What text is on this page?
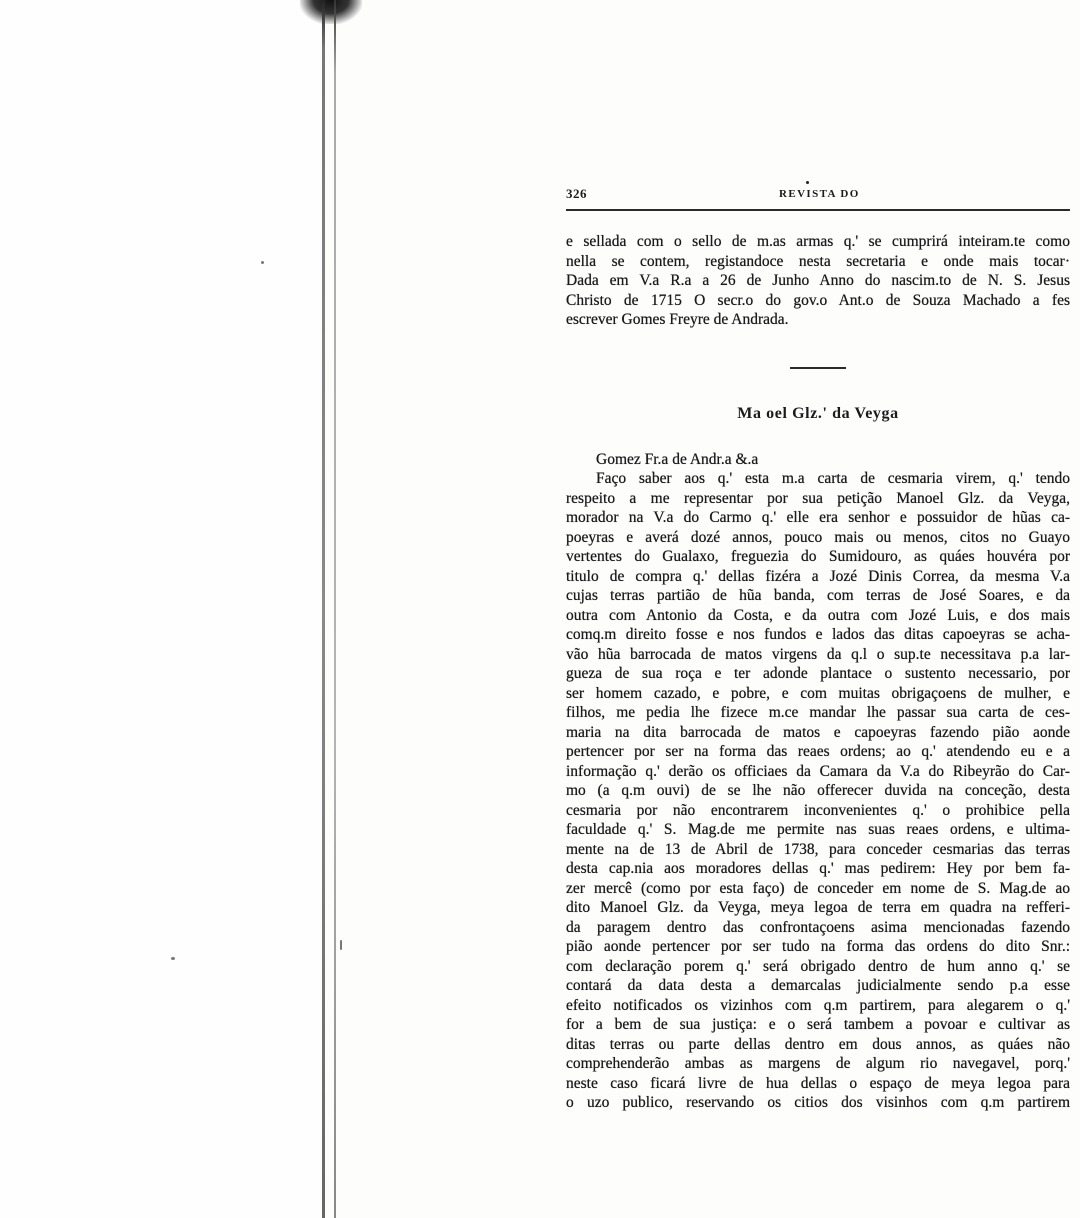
326	REVISTA DO
e sellada com o sello de m.as armas q.' se cumprirá inteiram.te como
nella se contem, registandoce nesta secretaria e onde mais tocar·
Dada em V.a R.a a 26 de Junho Anno do nascim.to de N. S. Jesus
Christo de 1715 O secr.o do gov.o Ant.o de Souza Machado a fes
escrever Gomes Freyre de Andrada.
Ma oel Glz.' da Veyga
Gomez Fr.a de Andr.a &.a
Faço saber aos q.' esta m.a carta de cesmaria virem, q.' tendo
respeito a me representar por sua petição Manoel Glz. da Veyga,
morador na V.a do Carmo q.' elle era senhor e possuidor de hũas ca-
poeyras e averá dozé annos, pouco mais ou menos, citos no Guayo
vertentes do Gualaxo, freguezia do Sumidouro, as quáes houvéra por
titulo de compra q.' dellas fizéra a Jozé Dinis Correa, da mesma V.a
cujas terras partião de hũa banda, com terras de José Soares, e da
outra com Antonio da Costa, e da outra com Jozé Luis, e dos mais
comq.m direito fosse e nos fundos e lados das ditas capoeyras se acha-
vão hũa barrocada de matos virgens da q.l o sup.te necessitava p.a lar-
gueza de sua roça e ter adonde plantace o sustento necessario, por
ser homem cazado, e pobre, e com muitas obrigaçoens de mulher, e
filhos, me pedia lhe fizece m.ce mandar lhe passar sua carta de ces-
maria na dita barrocada de matos e capoeyras fazendo pião aonde
pertencer por ser na forma das reaes ordens; ao q.' atendendo eu e a
informação q.' derão os officiaes da Camara da V.a do Ribeyrão do Car-
mo (a q.m ouvi) de se lhe não offerecer duvida na conceção, desta
cesmaria por não encontrarem inconvenientes q.' o prohibice pella
faculdade q.' S. Mag.de me permite nas suas reaes ordens, e ultima-
mente na de 13 de Abril de 1738, para conceder cesmarias das terras
desta cap.nia aos moradores dellas q.' mas pedirem: Hey por bem fa-
zer mercê (como por esta faço) de conceder em nome de S. Mag.de ao
dito Manoel Glz. da Veyga, meya legoa de terra em quadra na refferi-
da paragem dentro das confrontaçoens asima mencionadas fazendo
pião aonde pertencer por ser tudo na forma das ordens do dito Snr.:
com declaração porem q.' será obrigado dentro de hum anno q.' se
contará da data desta a demarcalas judicialmente sendo p.a esse
efeito notificados os vizinhos com q.m partirem, para alegarem o q.'
for a bem de sua justiça: e o será tambem a povoar e cultivar as
ditas terras ou parte dellas dentro em dous annos, as quáes não
comprehenderão ambas as margens de algum rio navegavel, porq.'
neste caso ficará livre de hua dellas o espaço de meya legoa para
o uzo publico, reservando os citios dos visinhos com q.m partirem
